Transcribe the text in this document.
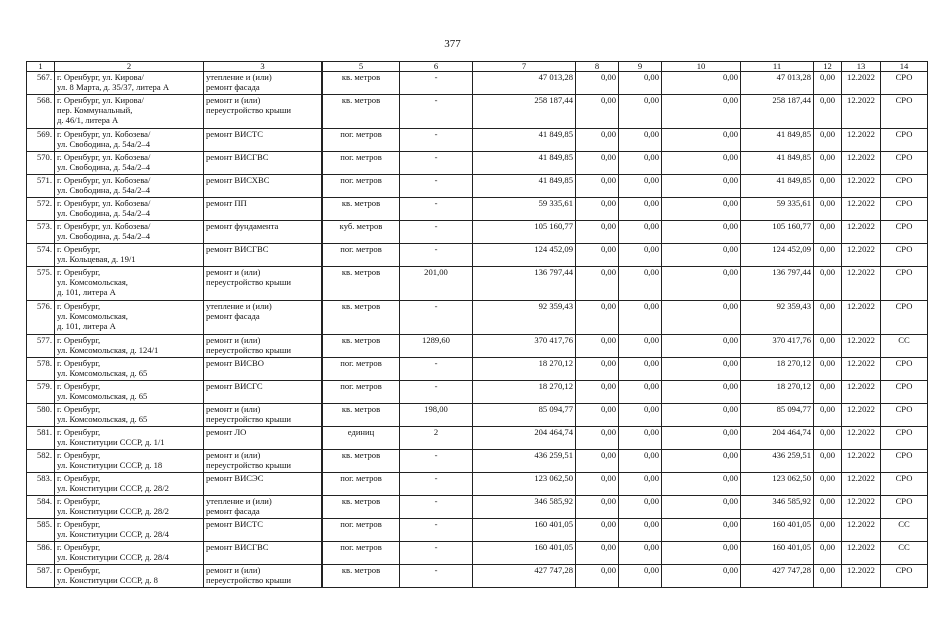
377
1	2	3		5	6	7	8	9	10	11	12	13	14
567.	г. Оренбург, ул. Кирова/
ул. 8 Марта, д. 35/37, литера А	утепление и (или)
ремонт фасада		кв. метров	-	47 013,28	0,00	0,00	0,00	47 013,28	0,00	12.2022	СРО
568.	г. Оренбург, ул. Кирова/
пер. Коммунальный,
д. 46/1, литера А	ремонт и (или)
переустройство крыши		кв. метров	-	258 187,44	0,00	0,00	0,00	258 187,44	0,00	12.2022	СРО
569.	г. Оренбург, ул. Кобозева/
ул. Свободина, д. 54а/2–4	ремонт ВИСТС		пог. метров	-	41 849,85	0,00	0,00	0,00	41 849,85	0,00	12.2022	СРО
570.	г. Оренбург, ул. Кобозева/
ул. Свободина, д. 54а/2–4	ремонт ВИСГВС		пог. метров	-	41 849,85	0,00	0,00	0,00	41 849,85	0,00	12.2022	СРО
571.	г. Оренбург, ул. Кобозева/
ул. Свободина, д. 54а/2–4	ремонт ВИСХВС		пог. метров	-	41 849,85	0,00	0,00	0,00	41 849,85	0,00	12.2022	СРО
572.	г. Оренбург, ул. Кобозева/
ул. Свободина, д. 54а/2–4	ремонт ПП		кв. метров	-	59 335,61	0,00	0,00	0,00	59 335,61	0,00	12.2022	СРО
573.	г. Оренбург, ул. Кобозева/
ул. Свободина, д. 54а/2–4	ремонт фундамента		куб. метров	-	105 160,77	0,00	0,00	0,00	105 160,77	0,00	12.2022	СРО
574.	г. Оренбург,
ул. Кольцевая, д. 19/1	ремонт ВИСГВС		пог. метров	-	124 452,09	0,00	0,00	0,00	124 452,09	0,00	12.2022	СРО
575.	г. Оренбург,
ул. Комсомольская,
д. 101, литера А	ремонт и (или)
переустройство крыши		кв. метров	201,00	136 797,44	0,00	0,00	0,00	136 797,44	0,00	12.2022	СРО
576.	г. Оренбург,
ул. Комсомольская,
д. 101, литера А	утепление и (или)
ремонт фасада		кв. метров	-	92 359,43	0,00	0,00	0,00	92 359,43	0,00	12.2022	СРО
577.	г. Оренбург,
ул. Комсомольская, д. 124/1	ремонт и (или)
переустройство крыши		кв. метров	1289,60	370 417,76	0,00	0,00	0,00	370 417,76	0,00	12.2022	СС
578.	г. Оренбург,
ул. Комсомольская, д. 65	ремонт ВИСВО		пог. метров	-	18 270,12	0,00	0,00	0,00	18 270,12	0,00	12.2022	СРО
579.	г. Оренбург,
ул. Комсомольская, д. 65	ремонт ВИСГС		пог. метров	-	18 270,12	0,00	0,00	0,00	18 270,12	0,00	12.2022	СРО
580.	г. Оренбург,
ул. Комсомольская, д. 65	ремонт и (или)
переустройство крыши		кв. метров	198,00	85 094,77	0,00	0,00	0,00	85 094,77	0,00	12.2022	СРО
581.	г. Оренбург,
ул. Конституции СССР, д. 1/1	ремонт ЛО		единиц	2	204 464,74	0,00	0,00	0,00	204 464,74	0,00	12.2022	СРО
582.	г. Оренбург,
ул. Конституции СССР, д. 18	ремонт и (или)
переустройство крыши		кв. метров	-	436 259,51	0,00	0,00	0,00	436 259,51	0,00	12.2022	СРО
583.	г. Оренбург,
ул. Конституции СССР, д. 28/2	ремонт ВИСЭС		пог. метров	-	123 062,50	0,00	0,00	0,00	123 062,50	0,00	12.2022	СРО
584.	г. Оренбург,
ул. Конституции СССР, д. 28/2	утепление и (или)
ремонт фасада		кв. метров	-	346 585,92	0,00	0,00	0,00	346 585,92	0,00	12.2022	СРО
585.	г. Оренбург,
ул. Конституции СССР, д. 28/4	ремонт ВИСТС		пог. метров	-	160 401,05	0,00	0,00	0,00	160 401,05	0,00	12.2022	СС
586.	г. Оренбург,
ул. Конституции СССР, д. 28/4	ремонт ВИСГВС		пог. метров	-	160 401,05	0,00	0,00	0,00	160 401,05	0,00	12.2022	СС
587.	г. Оренбург,
ул. Конституции СССР, д. 8	ремонт и (или)
переустройство крыши		кв. метров	-	427 747,28	0,00	0,00	0,00	427 747,28	0,00	12.2022	СРО
